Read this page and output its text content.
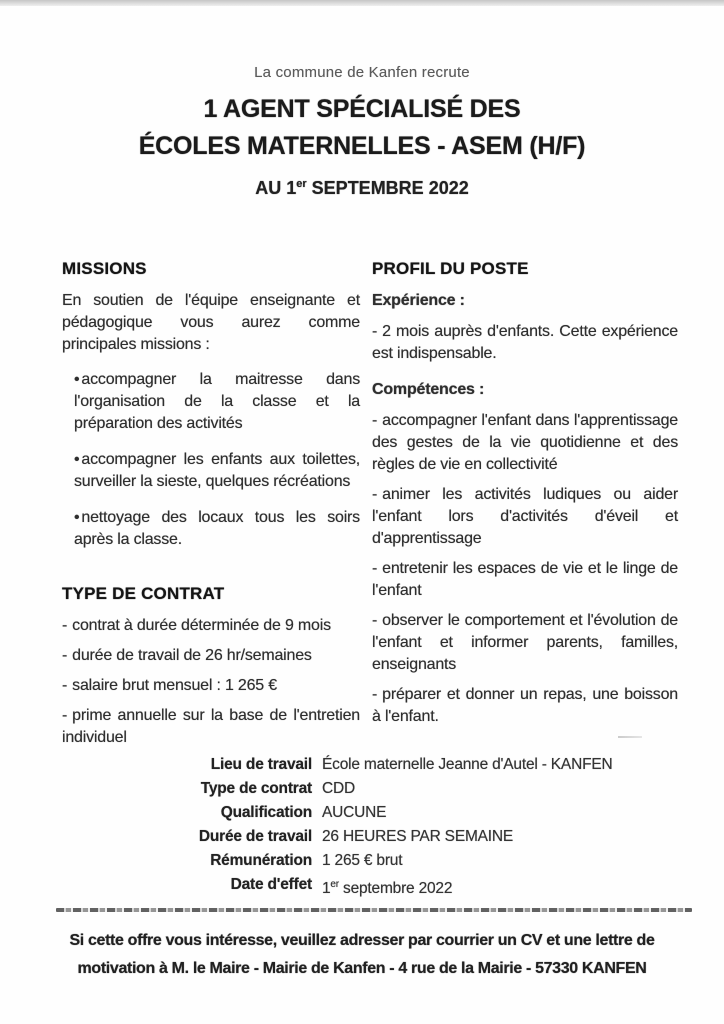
La commune de Kanfen recrute
1 AGENT SPÉCIALISÉ DES
ÉCOLES MATERNELLES - ASEM (H/F)
AU 1er SEPTEMBRE 2022
MISSIONS

En soutien de l'équipe enseignante et pédagogique vous aurez comme principales missions :

• accompagner la maitresse dans l'organisation de la classe et la préparation des activités
• accompagner les enfants aux toilettes, surveiller la sieste, quelques récréations
• nettoyage des locaux tous les soirs après la classe.
TYPE DE CONTRAT
- contrat à durée déterminée de 9 mois
- durée de travail de 26 hr/semaines
- salaire brut mensuel : 1 265 €
- prime annuelle sur la base de l'entretien individuel
PROFIL DU POSTE
Expérience :
- 2 mois auprès d'enfants. Cette expérience est indispensable.
Compétences :
- accompagner l'enfant dans l'apprentissage des gestes de la vie quotidienne et des règles de vie en collectivité
- animer les activités ludiques ou aider l'enfant lors d'activités d'éveil et d'apprentissage
- entretenir les espaces de vie et le linge de l'enfant
- observer le comportement et l'évolution de l'enfant et informer parents, familles, enseignants
- préparer et donner un repas, une boisson à l'enfant.
Lieu de travail École maternelle Jeanne d'Autel - KANFEN
Type de contrat CDD
Qualification AUCUNE
Durée de travail 26 HEURES PAR SEMAINE
Rémunération 1 265 € brut
Date d'effet 1er septembre 2022
Si cette offre vous intéresse, veuillez adresser par courrier un CV et une lettre de motivation à M. le Maire - Mairie de Kanfen - 4 rue de la Mairie - 57330 KANFEN
